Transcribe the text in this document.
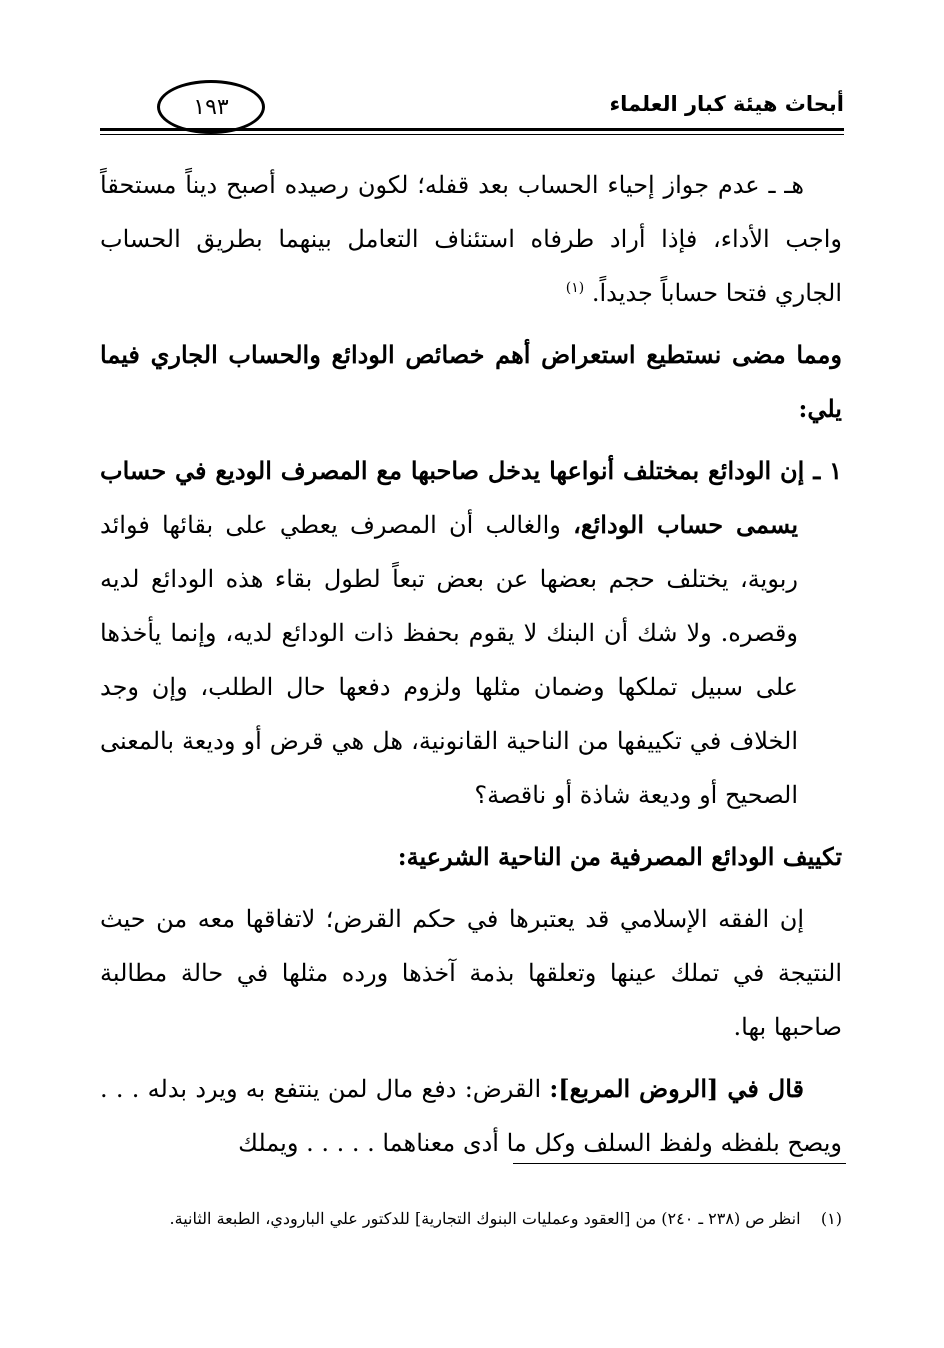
أبحاث هيئة كبار العلماء
١٩٣

هـ ـ عدم جواز إحياء الحساب بعد قفله؛ لكون رصيده أصبح ديناً مستحقاً واجب الأداء، فإذا أراد طرفاه استئناف التعامل بينهما بطريق الحساب الجاري فتحا حساباً جديداً. $^{(١)}$

ومما مضى نستطيع استعراض أهم خصائص الودائع والحساب الجاري فيما يلي:

١ ـ إن الودائع بمختلف أنواعها يدخل صاحبها مع المصرف الوديع في حساب يسمى حساب الودائع، والغالب أن المصرف يعطي على بقائها فوائد ربوية، يختلف حجم بعضها عن بعض تبعاً لطول بقاء هذه الودائع لديه وقصره. ولا شك أن البنك لا يقوم بحفظ ذات الودائع لديه، وإنما يأخذها على سبيل تملكها وضمان مثلها ولزوم دفعها حال الطلب، وإن وجد الخلاف في تكييفها من الناحية القانونية، هل هي قرض أو وديعة بالمعنى الصحيح أو وديعة شاذة أو ناقصة؟

تكييف الودائع المصرفية من الناحية الشرعية:

إن الفقه الإسلامي قد يعتبرها في حكم القرض؛ لاتفاقها معه من حيث النتيجة في تملك عينها وتعلقها بذمة آخذها ورده مثلها في حالة مطالبة صاحبها بها.

قال في [الروض المربع]: القرض: دفع مال لمن ينتفع به ويرد بدله . . . ويصح بلفظه ولفظ السلف وكل ما أدى معناهما . . . . . ويملك

(١)    انظر ص (٢٣٨ ـ ٢٤٠) من [العقود وعمليات البنوك التجارية] للدكتور علي البارودي، الطبعة الثانية.
